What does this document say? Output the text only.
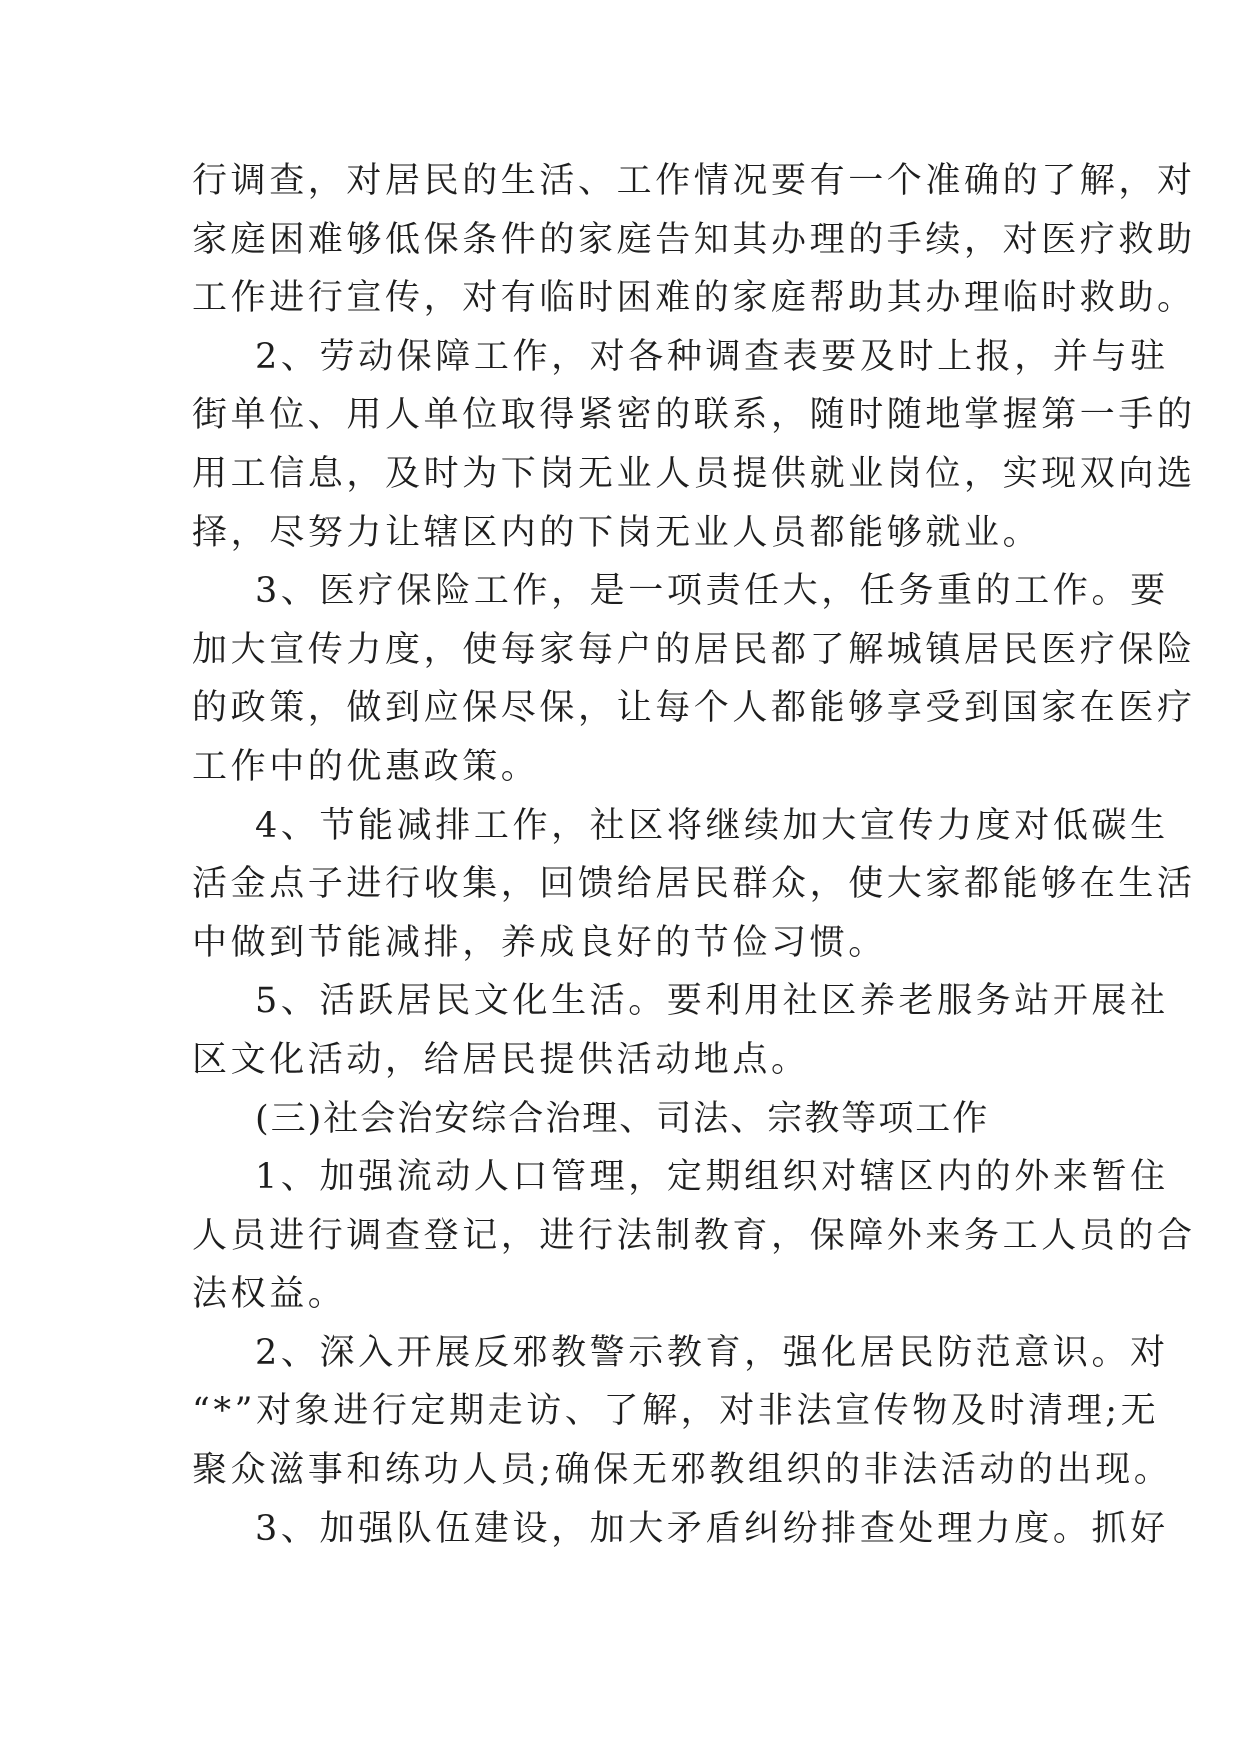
行调查，对居民的生活、工作情况要有一个准确的了解，对
家庭困难够低保条件的家庭告知其办理的手续，对医疗救助
工作进行宣传，对有临时困难的家庭帮助其办理临时救助。
2、劳动保障工作，对各种调查表要及时上报，并与驻
街单位、用人单位取得紧密的联系，随时随地掌握第一手的
用工信息，及时为下岗无业人员提供就业岗位，实现双向选
择，尽努力让辖区内的下岗无业人员都能够就业。
3、医疗保险工作，是一项责任大，任务重的工作。要
加大宣传力度，使每家每户的居民都了解城镇居民医疗保险
的政策，做到应保尽保，让每个人都能够享受到国家在医疗
工作中的优惠政策。
4、节能减排工作，社区将继续加大宣传力度对低碳生
活金点子进行收集，回馈给居民群众，使大家都能够在生活
中做到节能减排，养成良好的节俭习惯。
5、活跃居民文化生活。要利用社区养老服务站开展社
区文化活动，给居民提供活动地点。
(三)社会治安综合治理、司法、宗教等项工作
1、加强流动人口管理，定期组织对辖区内的外来暂住
人员进行调查登记，进行法制教育，保障外来务工人员的合
法权益。
2、深入开展反邪教警示教育，强化居民防范意识。对
“*”对象进行定期走访、了解，对非法宣传物及时清理;无
聚众滋事和练功人员;确保无邪教组织的非法活动的出现。
3、加强队伍建设，加大矛盾纠纷排查处理力度。抓好
